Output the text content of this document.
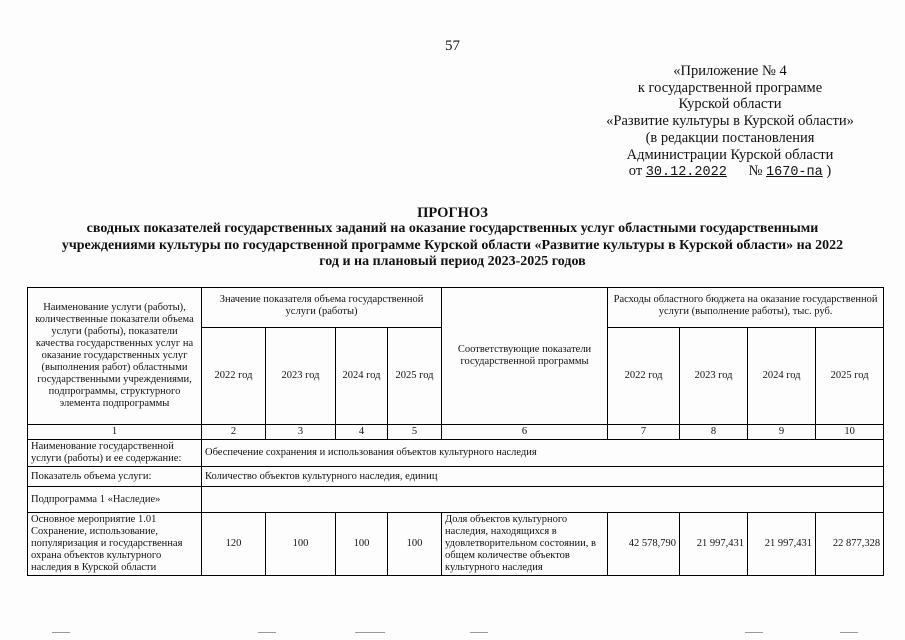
57
«Приложение № 4
к государственной программе
Курской области
«Развитие культуры в Курской области»
(в редакции постановления
Администрации Курской области
от 30.12.2022 № 1670-па )
ПРОГНОЗ
сводных показателей государственных заданий на оказание государственных услуг областными государственными учреждениями культуры по государственной программе Курской области «Развитие культуры в Курской области» на 2022 год и на плановый период 2023-2025 годов
Наименование услуги (работы), количественные показатели объема услуги (работы), показатели качества государственных услуг на оказание государственных услуг (выполнения работ) областными государственными учреждениями, подпрограммы, структурного элемента подпрограммы	Значение показателя объема государственной услуги (работы)				Соответствующие показатели государственной программы	Расходы областного бюджета на оказание государственной услуги (выполнение работы), тыс. руб.			
	2022 год	2023 год	2024 год	2025 год		2022 год	2023 год	2024 год	2025 год
1	2	3	4	5	6	7	8	9	10
Наименование государственной услуги (работы) и ее содержание:	Обеспечение сохранения и использования объектов культурного наследия								
Показатель объема услуги:	Количество объектов культурного наследия, единиц								
Подпрограмма 1 «Наследие»									
Основное мероприятие 1.01 Сохранение, использование, популяризация и государственная охрана объектов культурного наследия в Курской области	120	100	100	100	Доля объектов культурного наследия, находящихся в удовлетворительном состоянии, в общем количестве объектов культурного наследия	42 578,790	21 997,431	21 997,431	22 877,328
